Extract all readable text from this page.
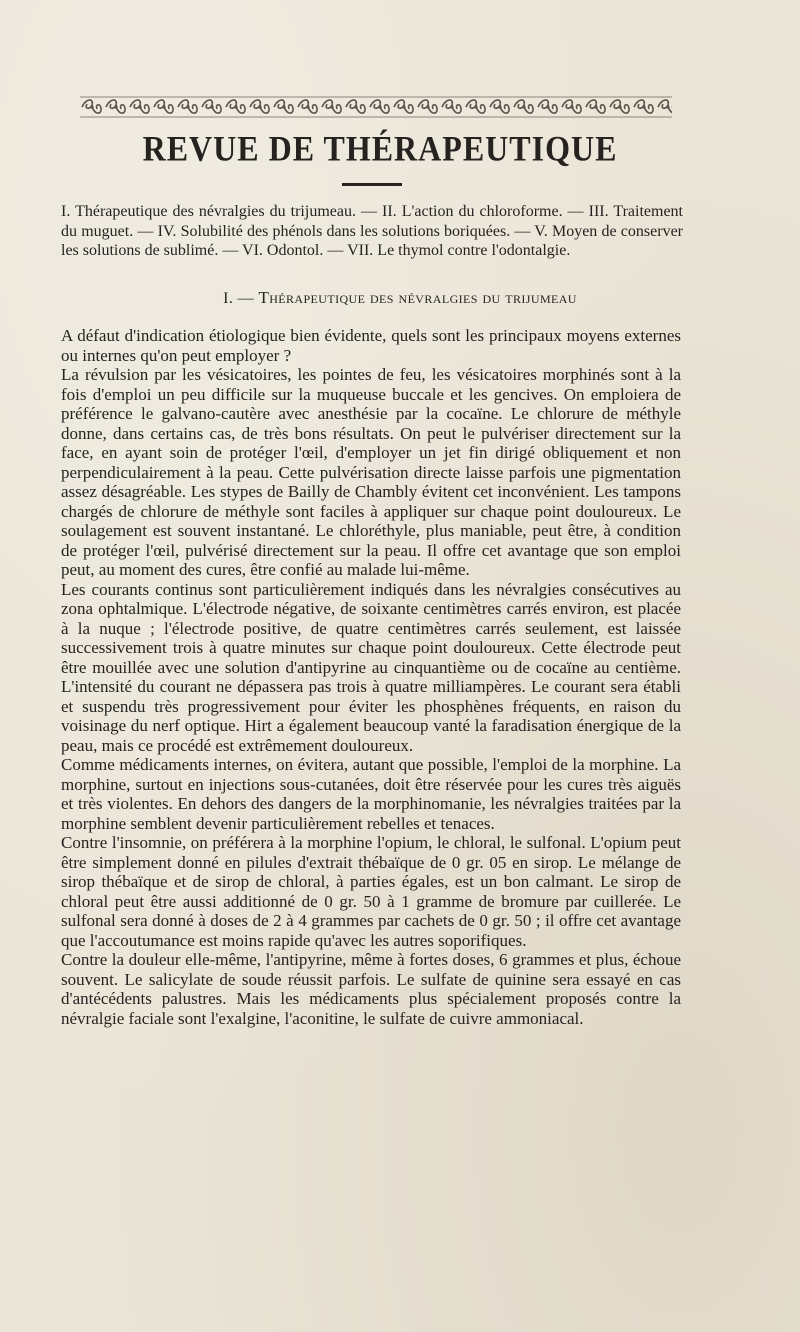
REVUE DE THÉRAPEUTIQUE

I. Thérapeutique des névralgies du trijumeau. — II. L'action du chloroforme. — III. Traitement du muguet. — IV. Solubilité des phénols dans les solutions boriquées. — V. Moyen de conserver les solutions de sublimé. — VI. Odontol. — VII. Le thymol contre l'odontalgie.

I. — Thérapeutique des névralgies du trijumeau

A défaut d'indication étiologique bien évidente, quels sont les principaux moyens externes ou internes qu'on peut employer ?

La révulsion par les vésicatoires, les pointes de feu, les vésicatoires morphinés sont à la fois d'emploi un peu difficile sur la muqueuse buccale et les gencives. On emploiera de préférence le galvano-cautère avec anesthésie par la cocaïne. Le chlorure de méthyle donne, dans certains cas, de très bons résultats. On peut le pulvériser directement sur la face, en ayant soin de protéger l'œil, d'employer un jet fin dirigé obliquement et non perpendiculairement à la peau. Cette pulvérisation directe laisse parfois une pigmentation assez désagréable. Les stypes de Bailly de Chambly évitent cet inconvénient. Les tampons chargés de chlorure de méthyle sont faciles à appliquer sur chaque point douloureux. Le soulagement est souvent instantané. Le chloréthyle, plus maniable, peut être, à condition de protéger l'œil, pulvérisé directement sur la peau. Il offre cet avantage que son emploi peut, au moment des cures, être confié au malade lui-même.

Les courants continus sont particulièrement indiqués dans les névralgies consécutives au zona ophtalmique. L'électrode négative, de soixante centimètres carrés environ, est placée à la nuque ; l'électrode positive, de quatre centimètres carrés seulement, est laissée successivement trois à quatre minutes sur chaque point douloureux. Cette électrode peut être mouillée avec une solution d'antipyrine au cinquantième ou de cocaïne au centième. L'intensité du courant ne dépassera pas trois à quatre milliampères. Le courant sera établi et suspendu très progressivement pour éviter les phosphènes fréquents, en raison du voisinage du nerf optique. Hirt a également beaucoup vanté la faradisation énergique de la peau, mais ce procédé est extrêmement douloureux.

Comme médicaments internes, on évitera, autant que possible, l'emploi de la morphine. La morphine, surtout en injections sous-cutanées, doit être réservée pour les cures très aiguës et très violentes. En dehors des dangers de la morphinomanie, les névralgies traitées par la morphine semblent devenir particulièrement rebelles et tenaces.

Contre l'insomnie, on préférera à la morphine l'opium, le chloral, le sulfonal. L'opium peut être simplement donné en pilules d'extrait thébaïque de 0 gr. 05 en sirop. Le mélange de sirop thébaïque et de sirop de chloral, à parties égales, est un bon calmant. Le sirop de chloral peut être aussi additionné de 0 gr. 50 à 1 gramme de bromure par cuillerée. Le sulfonal sera donné à doses de 2 à 4 grammes par cachets de 0 gr. 50 ; il offre cet avantage que l'accoutumance est moins rapide qu'avec les autres soporifiques.

Contre la douleur elle-même, l'antipyrine, même à fortes doses, 6 grammes et plus, échoue souvent. Le salicylate de soude réussit parfois. Le sulfate de quinine sera essayé en cas d'antécédents palustres. Mais les médicaments plus spécialement proposés contre la névralgie faciale sont l'exalgine, l'aconitine, le sulfate de cuivre ammoniacal.
